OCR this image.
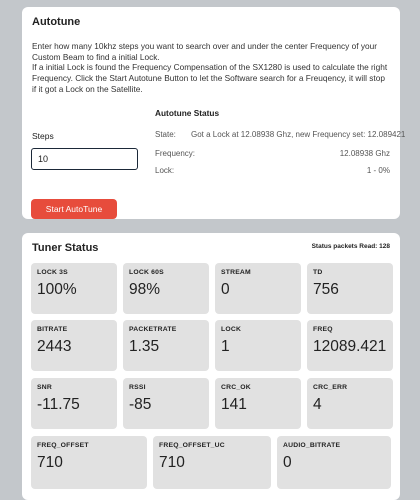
Autotune
Enter how many 10khz steps you want to search over and under the center Frequency of your Custom Beam to find a initial Lock.
If a initial Lock is found the Frequency Compensation of the SX1280 is used to calculate the right Frequency. Click the Start Autotune Button to let the Software search for a Freuqency, it will stop if it got a Lock on the Satellite.
Steps
10
Autotune Status
State: Got a Lock at 12.08938 Ghz, new Frequency set: 12.089421
Frequency:	12.08938 Ghz
Lock:	1 - 0%
Start AutoTune
Tuner Status	Status packets Read: 128
LOCK 3S
100%
LOCK 60S
98%
STREAM
0
TD
756
BITRATE
2443
PACKETRATE
1.35
LOCK
1
FREQ
12089.421
SNR
-11.75
RSSI
-85
CRC_OK
141
CRC_ERR
4
FREQ_OFFSET
710
FREQ_OFFSET_UC
710
AUDIO_BITRATE
0
